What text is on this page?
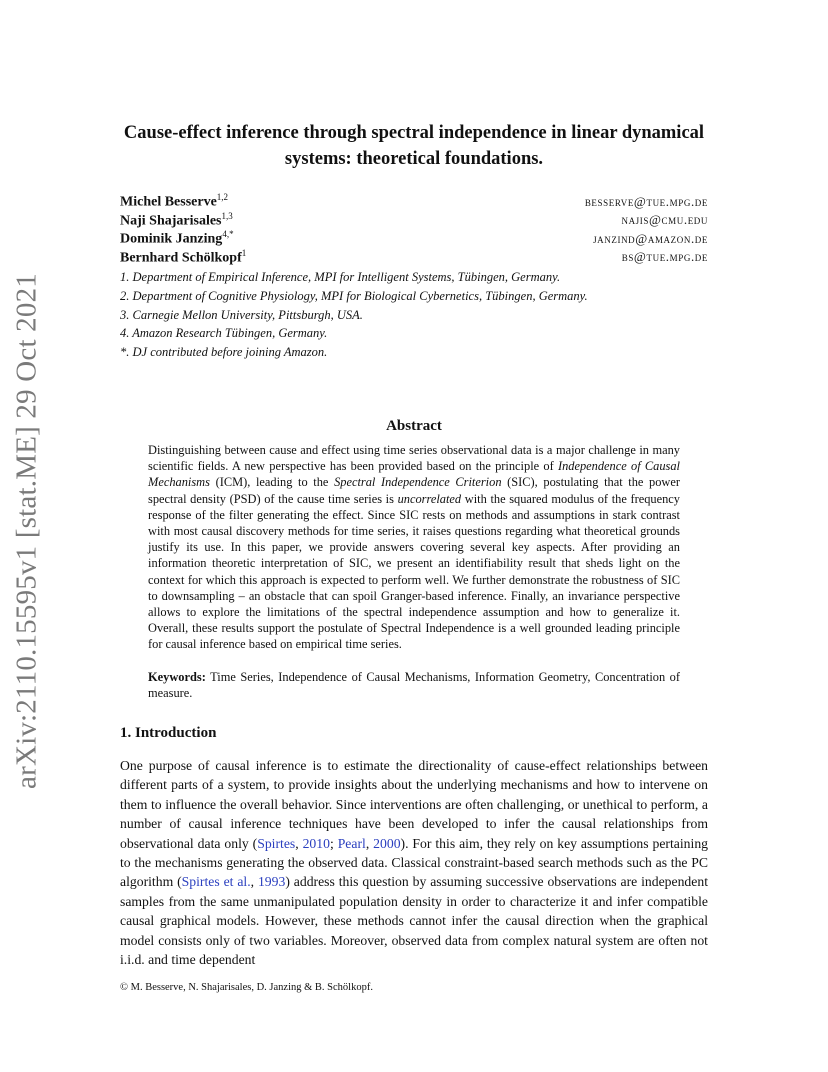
arXiv:2110.15595v1 [stat.ME] 29 Oct 2021
Cause-effect inference through spectral independence in linear dynamical systems: theoretical foundations.
Michel Besserve$^{1,2}$	besserve@tue.mpg.de
Naji Shajarisales$^{1,3}$	najis@cmu.edu
Dominik Janzing$^{4,*}$	janzind@amazon.de
Bernhard Schölkopf$^1$	bs@tue.mpg.de
1. Department of Empirical Inference, MPI for Intelligent Systems, Tübingen, Germany.
2. Department of Cognitive Physiology, MPI for Biological Cybernetics, Tübingen, Germany.
3. Carnegie Mellon University, Pittsburgh, USA.
4. Amazon Research Tübingen, Germany.
*. DJ contributed before joining Amazon.
Abstract
Distinguishing between cause and effect using time series observational data is a major challenge in many scientific fields. A new perspective has been provided based on the principle of Independence of Causal Mechanisms (ICM), leading to the Spectral Independence Criterion (SIC), postulating that the power spectral density (PSD) of the cause time series is uncorrelated with the squared modulus of the frequency response of the filter generating the effect. Since SIC rests on methods and assumptions in stark contrast with most causal discovery methods for time series, it raises questions regarding what theoretical grounds justify its use. In this paper, we provide answers covering several key aspects. After providing an information theoretic interpretation of SIC, we present an identifiability result that sheds light on the context for which this approach is expected to perform well. We further demonstrate the robustness of SIC to downsampling – an obstacle that can spoil Granger-based inference. Finally, an invariance perspective allows to explore the limitations of the spectral independence assumption and how to generalize it. Overall, these results support the postulate of Spectral Independence is a well grounded leading principle for causal inference based on empirical time series.
Keywords: Time Series, Independence of Causal Mechanisms, Information Geometry, Concentration of measure.
1. Introduction
One purpose of causal inference is to estimate the directionality of cause-effect relationships between different parts of a system, to provide insights about the underlying mechanisms and how to intervene on them to influence the overall behavior. Since interventions are often challenging, or unethical to perform, a number of causal inference techniques have been developed to infer the causal relationships from observational data only (Spirtes, 2010; Pearl, 2000). For this aim, they rely on key assumptions pertaining to the mechanisms generating the observed data. Classical constraint-based search methods such as the PC algorithm (Spirtes et al., 1993) address this question by assuming successive observations are independent samples from the same unmanipulated population density in order to characterize it and infer compatible causal graphical models. However, these methods cannot infer the causal direction when the graphical model consists only of two variables. Moreover, observed data from complex natural system are often not i.i.d. and time dependent
© M. Besserve, N. Shajarisales, D. Janzing & B. Schölkopf.
